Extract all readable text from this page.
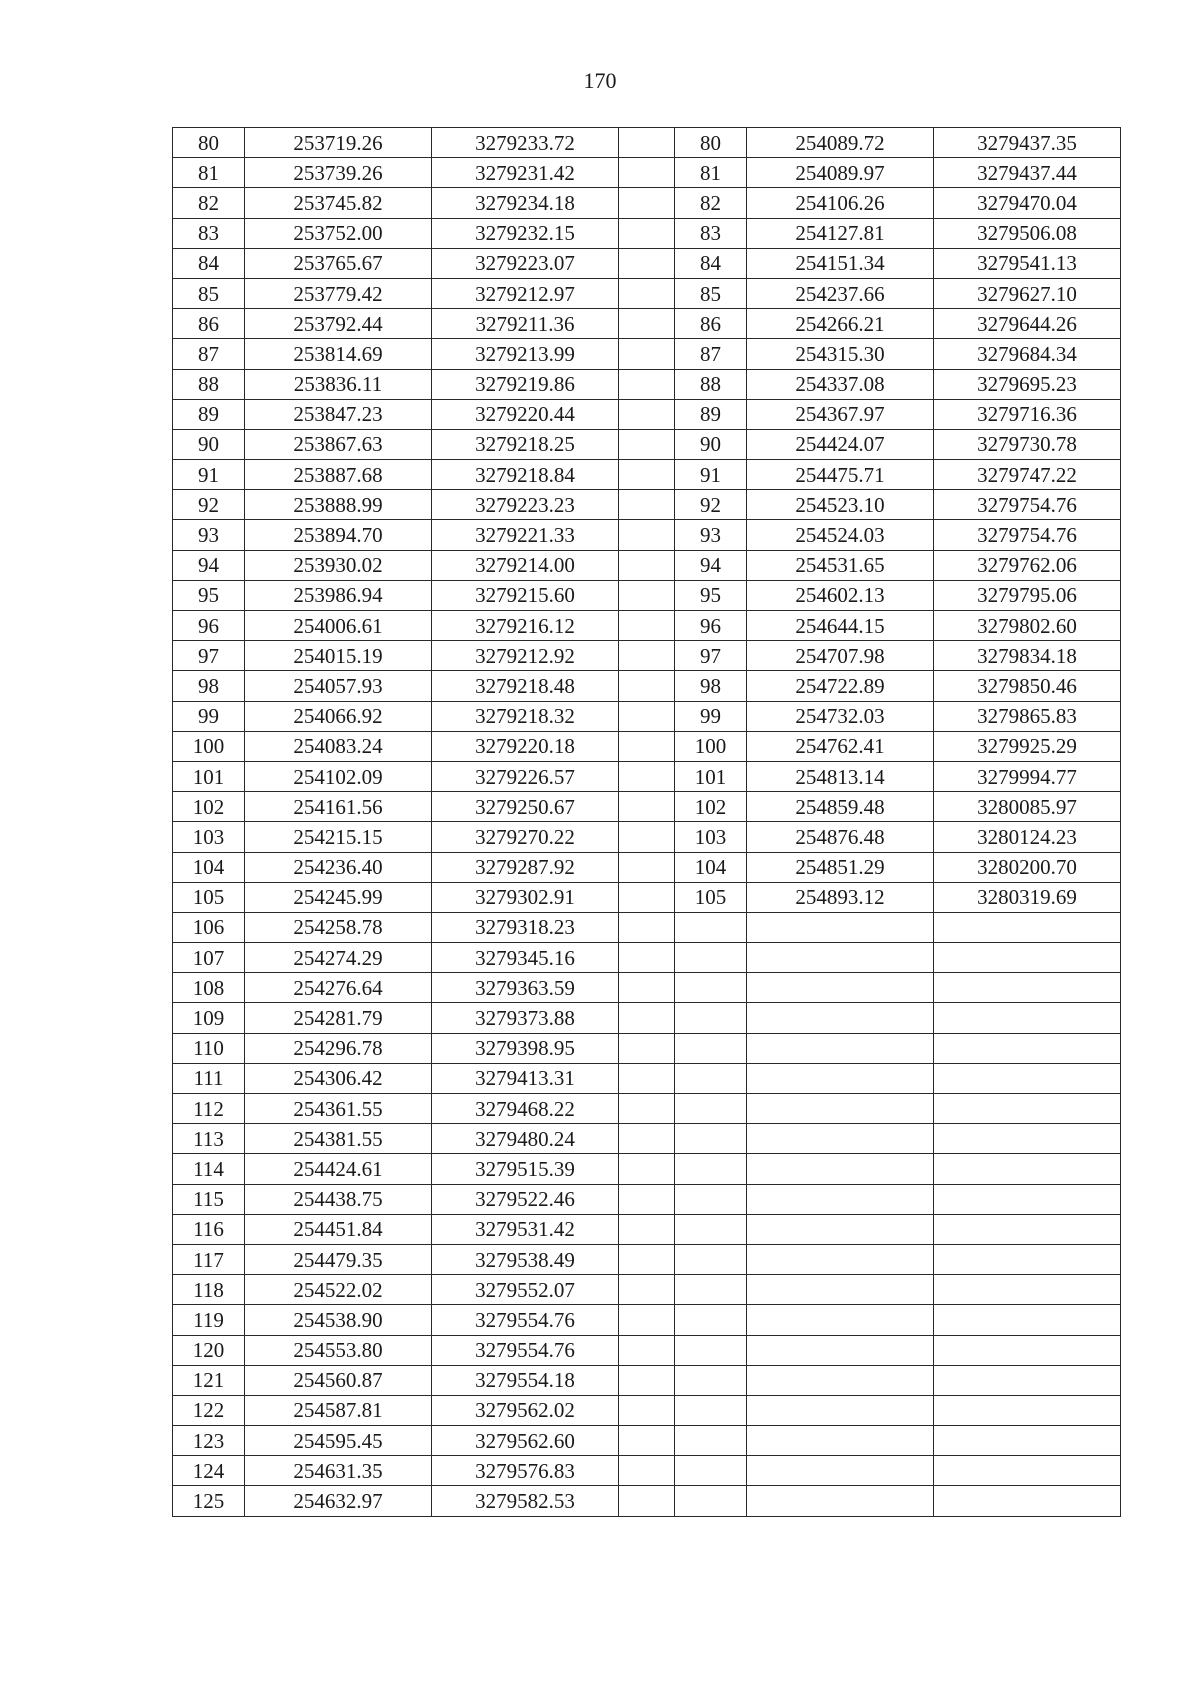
170
80	253719.26	3279233.72		80	254089.72	3279437.35
81	253739.26	3279231.42		81	254089.97	3279437.44
82	253745.82	3279234.18		82	254106.26	3279470.04
83	253752.00	3279232.15		83	254127.81	3279506.08
84	253765.67	3279223.07		84	254151.34	3279541.13
85	253779.42	3279212.97		85	254237.66	3279627.10
86	253792.44	3279211.36		86	254266.21	3279644.26
87	253814.69	3279213.99		87	254315.30	3279684.34
88	253836.11	3279219.86		88	254337.08	3279695.23
89	253847.23	3279220.44		89	254367.97	3279716.36
90	253867.63	3279218.25		90	254424.07	3279730.78
91	253887.68	3279218.84		91	254475.71	3279747.22
92	253888.99	3279223.23		92	254523.10	3279754.76
93	253894.70	3279221.33		93	254524.03	3279754.76
94	253930.02	3279214.00		94	254531.65	3279762.06
95	253986.94	3279215.60		95	254602.13	3279795.06
96	254006.61	3279216.12		96	254644.15	3279802.60
97	254015.19	3279212.92		97	254707.98	3279834.18
98	254057.93	3279218.48		98	254722.89	3279850.46
99	254066.92	3279218.32		99	254732.03	3279865.83
100	254083.24	3279220.18		100	254762.41	3279925.29
101	254102.09	3279226.57		101	254813.14	3279994.77
102	254161.56	3279250.67		102	254859.48	3280085.97
103	254215.15	3279270.22		103	254876.48	3280124.23
104	254236.40	3279287.92		104	254851.29	3280200.70
105	254245.99	3279302.91		105	254893.12	3280319.69
106	254258.78	3279318.23				
107	254274.29	3279345.16				
108	254276.64	3279363.59				
109	254281.79	3279373.88				
110	254296.78	3279398.95				
111	254306.42	3279413.31				
112	254361.55	3279468.22				
113	254381.55	3279480.24				
114	254424.61	3279515.39				
115	254438.75	3279522.46				
116	254451.84	3279531.42				
117	254479.35	3279538.49				
118	254522.02	3279552.07				
119	254538.90	3279554.76				
120	254553.80	3279554.76				
121	254560.87	3279554.18				
122	254587.81	3279562.02				
123	254595.45	3279562.60				
124	254631.35	3279576.83				
125	254632.97	3279582.53				
